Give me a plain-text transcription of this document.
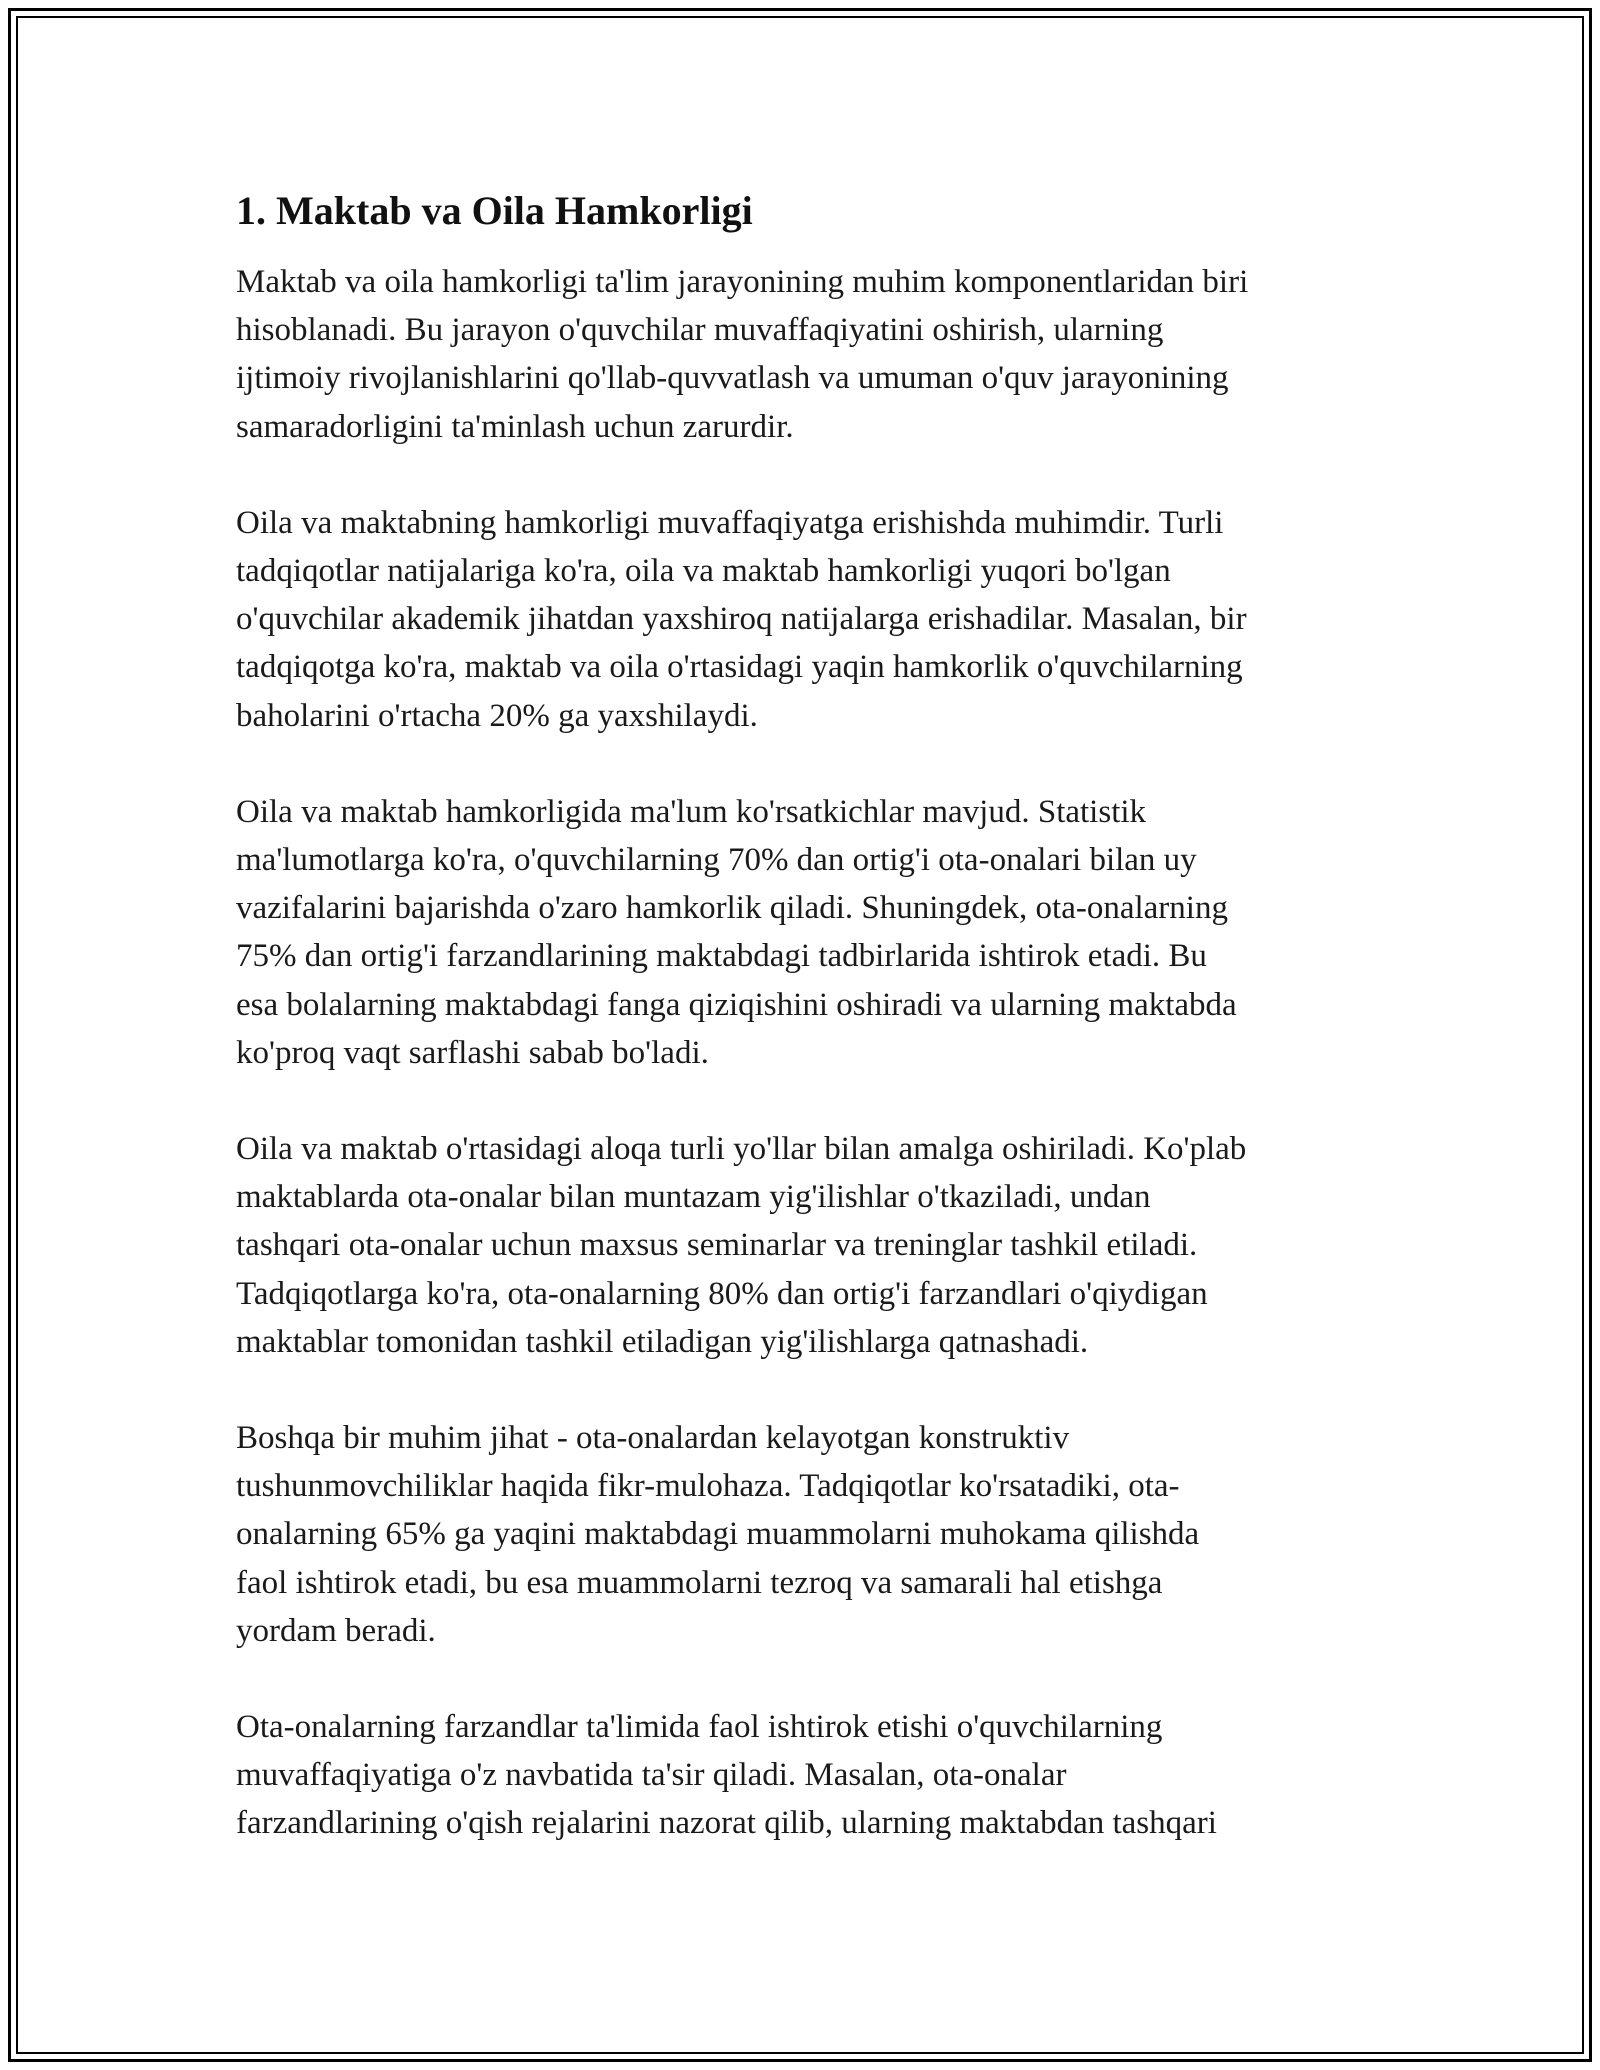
1. Maktab va Oila Hamkorligi
Maktab va oila hamkorligi ta'lim jarayonining muhim komponentlaridan biri
hisoblanadi. Bu jarayon o'quvchilar muvaffaqiyatini oshirish, ularning
ijtimoiy rivojlanishlarini qo'llab-quvvatlash va umuman o'quv jarayonining
samaradorligini ta'minlash uchun zarurdir.
Oila va maktabning hamkorligi muvaffaqiyatga erishishda muhimdir. Turli
tadqiqotlar natijalariga ko'ra, oila va maktab hamkorligi yuqori bo'lgan
o'quvchilar akademik jihatdan yaxshiroq natijalarga erishadilar. Masalan, bir
tadqiqotga ko'ra, maktab va oila o'rtasidagi yaqin hamkorlik o'quvchilarning
baholarini o'rtacha 20% ga yaxshilaydi.
Oila va maktab hamkorligida ma'lum ko'rsatkichlar mavjud. Statistik
ma'lumotlarga ko'ra, o'quvchilarning 70% dan ortig'i ota-onalari bilan uy
vazifalarini bajarishda o'zaro hamkorlik qiladi. Shuningdek, ota-onalarning
75% dan ortig'i farzandlarining maktabdagi tadbirlarida ishtirok etadi. Bu
esa bolalarning maktabdagi fanga qiziqishini oshiradi va ularning maktabda
ko'proq vaqt sarflashi sabab bo'ladi.
Oila va maktab o'rtasidagi aloqa turli yo'llar bilan amalga oshiriladi. Ko'plab
maktablarda ota-onalar bilan muntazam yig'ilishlar o'tkaziladi, undan
tashqari ota-onalar uchun maxsus seminarlar va treninglar tashkil etiladi.
Tadqiqotlarga ko'ra, ota-onalarning 80% dan ortig'i farzandlari o'qiydigan
maktablar tomonidan tashkil etiladigan yig'ilishlarga qatnashadi.
Boshqa bir muhim jihat - ota-onalardan kelayotgan konstruktiv
tushunmovchiliklar haqida fikr-mulohaza. Tadqiqotlar ko'rsatadiki, ota-
onalarning 65% ga yaqini maktabdagi muammolarni muhokama qilishda
faol ishtirok etadi, bu esa muammolarni tezroq va samarali hal etishga
yordam beradi.
Ota-onalarning farzandlar ta'limida faol ishtirok etishi o'quvchilarning
muvaffaqiyatiga o'z navbatida ta'sir qiladi. Masalan, ota-onalar
farzandlarining o'qish rejalarini nazorat qilib, ularning maktabdan tashqari
